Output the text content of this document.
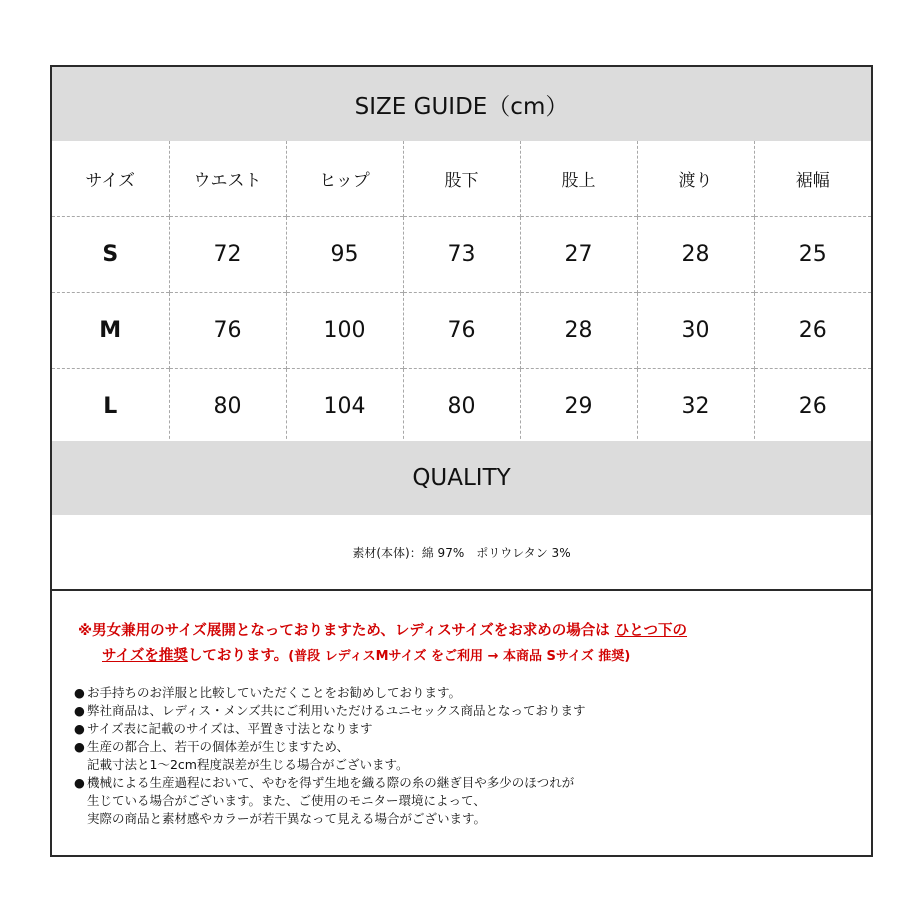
SIZE GUIDE（cm）
サイズ	ウエスト	ヒップ	股下	股上	渡り	裾幅
S	72	95	73	27	28	25
M	76	100	76	28	30	26
L	80	104	80	29	32	26
QUALITY
素材(本体)：綿 97%　ポリウレタン 3%
※男女兼用のサイズ展開となっておりますため、レディスサイズをお求めの場合は ひとつ下の
サイズを推奨しております。(普段 レディスMサイズ をご利用 → 本商品 Sサイズ 推奨)
● お手持ちのお洋服と比較していただくことをお勧めしております。
● 弊社商品は、レディス・メンズ共にご利用いただけるユニセックス商品となっております
● サイズ表に記載のサイズは、平置き寸法となります
● 生産の都合上、若干の個体差が生じますため、
記載寸法と1～2cm程度誤差が生じる場合がございます。
● 機械による生産過程において、やむを得ず生地を織る際の糸の継ぎ目や多少のほつれが
生じている場合がございます。また、ご使用のモニター環境によって、
実際の商品と素材感やカラーが若干異なって見える場合がございます。
